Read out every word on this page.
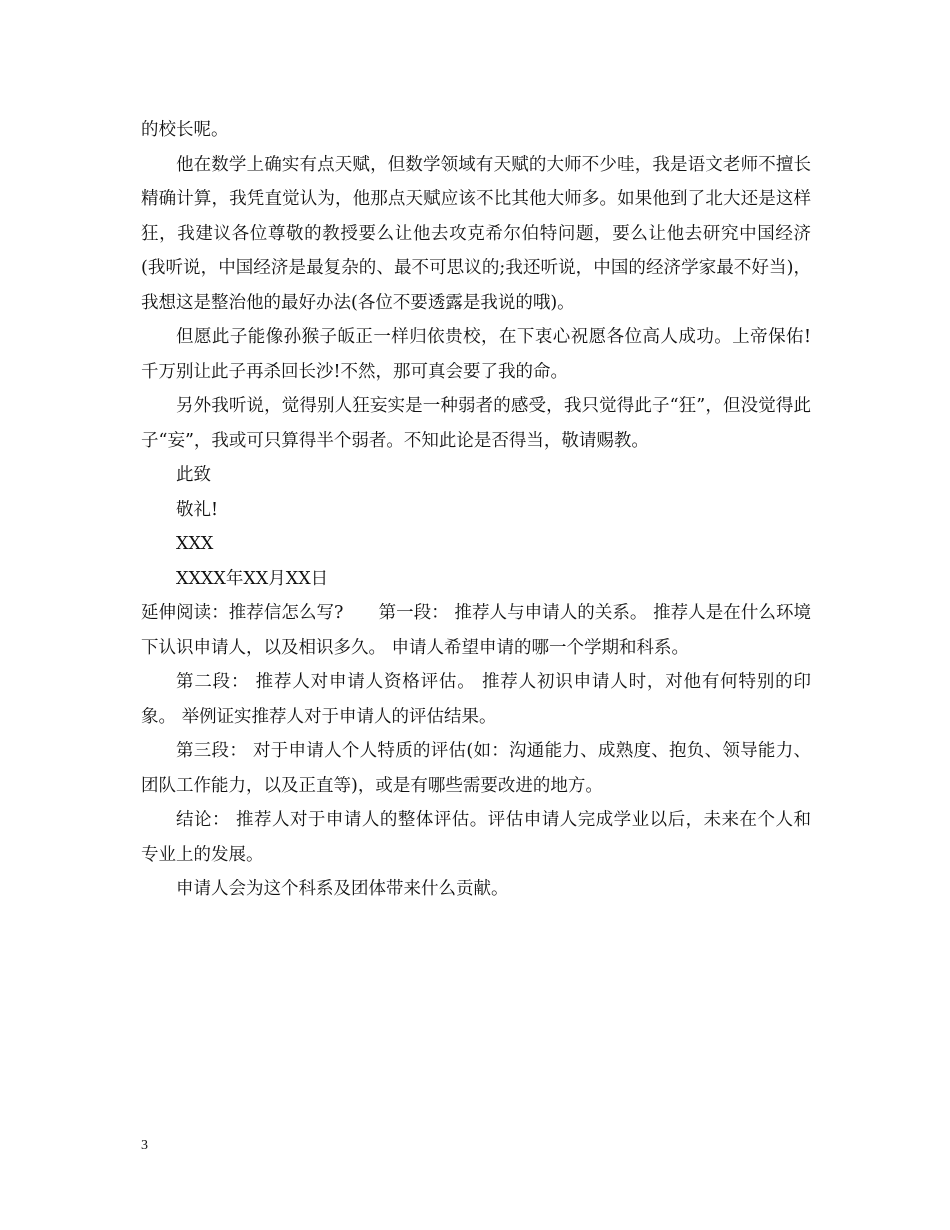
的校长呢。

他在数学上确实有点天赋，但数学领域有天赋的大师不少哇，我是语文老师不擅长精确计算，我凭直觉认为，他那点天赋应该不比其他大师多。如果他到了北大还是这样狂，我建议各位尊敬的教授要么让他去攻克希尔伯特问题，要么让他去研究中国经济(我听说，中国经济是最复杂的、最不可思议的;我还听说，中国的经济学家最不好当)，我想这是整治他的最好办法(各位不要透露是我说的哦)。

但愿此子能像孙猴子皈正一样归依贵校，在下衷心祝愿各位高人成功。上帝保佑!千万别让此子再杀回长沙!不然，那可真会要了我的命。

另外我听说，觉得别人狂妄实是一种弱者的感受，我只觉得此子“狂”，但没觉得此子“妄”，我或可只算得半个弱者。不知此论是否得当，敬请赐教。

此致

敬礼!

XXX

XXXX年XX月XX日

延伸阅读：推荐信怎么写?　　第一段： 推荐人与申请人的关系。 推荐人是在什么环境下认识申请人，以及相识多久。 申请人希望申请的哪一个学期和科系。

第二段： 推荐人对申请人资格评估。 推荐人初识申请人时，对他有何特别的印象。 举例证实推荐人对于申请人的评估结果。

第三段： 对于申请人个人特质的评估(如：沟通能力、成熟度、抱负、领导能力、团队工作能力，以及正直等)，或是有哪些需要改进的地方。

结论： 推荐人对于申请人的整体评估。评估申请人完成学业以后，未来在个人和专业上的发展。

申请人会为这个科系及团体带来什么贡献。

3
